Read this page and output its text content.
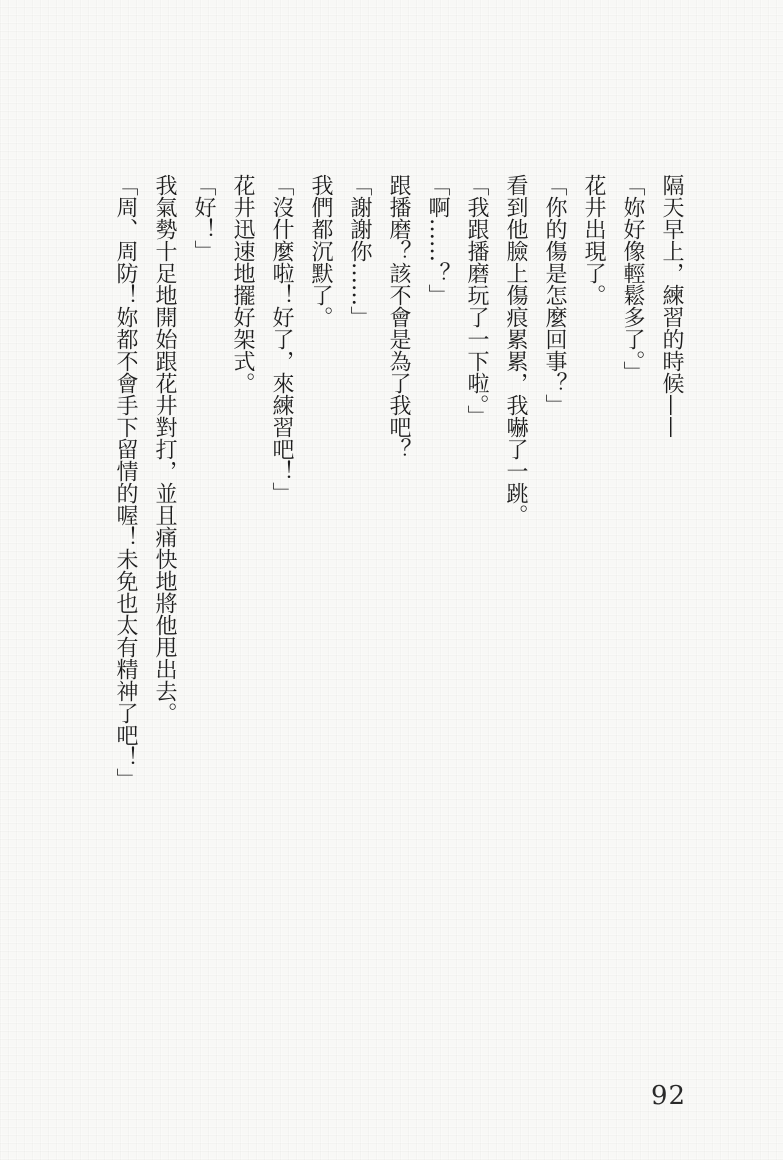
隔天早上，練習的時候——

「妳好像輕鬆多了。」

花井出現了。

「你的傷是怎麼回事？」

看到他臉上傷痕累累，我嚇了一跳。

「我跟播磨玩了一下啦。」

「啊……？」

跟播磨？該不會是為了我吧？

「謝謝你……」

我們都沉默了。

「沒什麼啦！好了，來練習吧！」

花井迅速地擺好架式。

「好！」

我氣勢十足地開始跟花井對打，並且痛快地將他甩出去。

「周、周防！妳都不會手下留情的喔！未免也太有精神了吧！」

92
